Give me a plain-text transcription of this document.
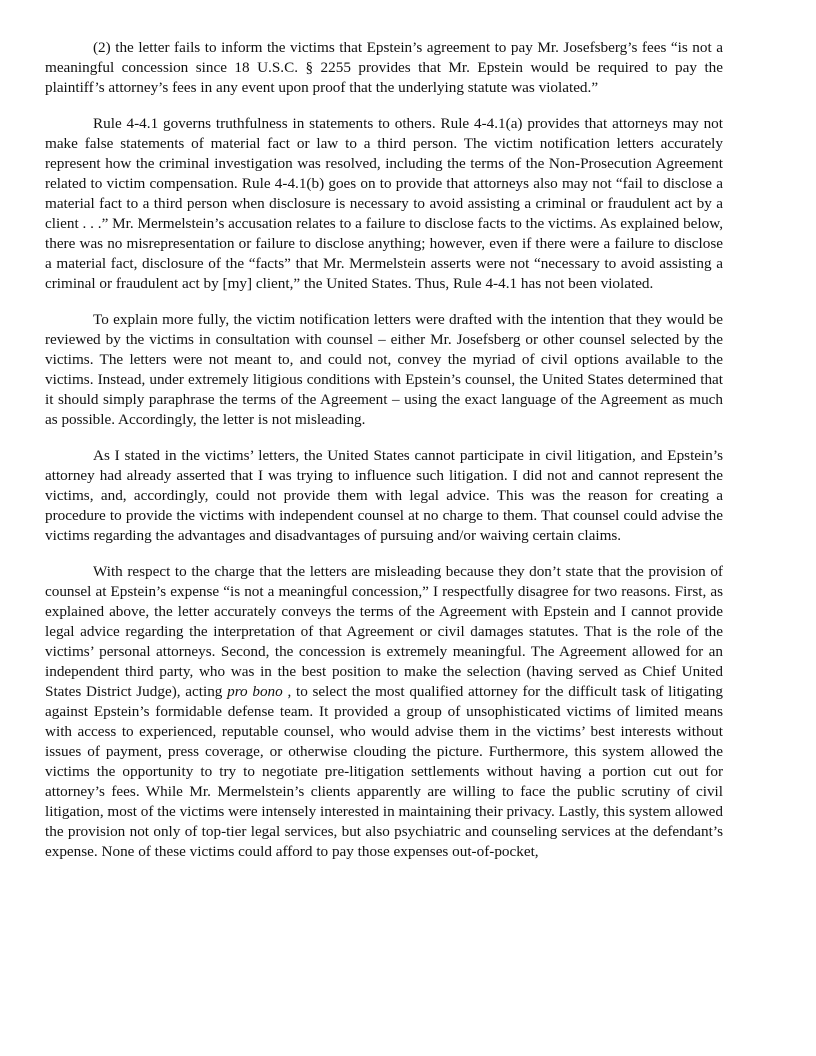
(2) the letter fails to inform the victims that Epstein’s agreement to pay Mr. Josefsberg’s fees “is not a meaningful concession since 18 U.S.C. § 2255 provides that Mr. Epstein would be required to pay the plaintiff’s attorney’s fees in any event upon proof that the underlying statute was violated.”

Rule 4-4.1 governs truthfulness in statements to others. Rule 4-4.1(a) provides that attorneys may not make false statements of material fact or law to a third person. The victim notification letters accurately represent how the criminal investigation was resolved, including the terms of the Non-Prosecution Agreement related to victim compensation. Rule 4-4.1(b) goes on to provide that attorneys also may not “fail to disclose a material fact to a third person when disclosure is necessary to avoid assisting a criminal or fraudulent act by a client . . .” Mr. Mermelstein’s accusation relates to a failure to disclose facts to the victims. As explained below, there was no misrepresentation or failure to disclose anything; however, even if there were a failure to disclose a material fact, disclosure of the “facts” that Mr. Mermelstein asserts were not “necessary to avoid assisting a criminal or fraudulent act by [my] client,” the United States. Thus, Rule 4-4.1 has not been violated.

To explain more fully, the victim notification letters were drafted with the intention that they would be reviewed by the victims in consultation with counsel – either Mr. Josefsberg or other counsel selected by the victims. The letters were not meant to, and could not, convey the myriad of civil options available to the victims. Instead, under extremely litigious conditions with Epstein’s counsel, the United States determined that it should simply paraphrase the terms of the Agreement – using the exact language of the Agreement as much as possible. Accordingly, the letter is not misleading.

As I stated in the victims’ letters, the United States cannot participate in civil litigation, and Epstein’s attorney had already asserted that I was trying to influence such litigation. I did not and cannot represent the victims, and, accordingly, could not provide them with legal advice. This was the reason for creating a procedure to provide the victims with independent counsel at no charge to them. That counsel could advise the victims regarding the advantages and disadvantages of pursuing and/or waiving certain claims.

With respect to the charge that the letters are misleading because they don’t state that the provision of counsel at Epstein’s expense “is not a meaningful concession,” I respectfully disagree for two reasons. First, as explained above, the letter accurately conveys the terms of the Agreement with Epstein and I cannot provide legal advice regarding the interpretation of that Agreement or civil damages statutes. That is the role of the victims’ personal attorneys. Second, the concession is extremely meaningful. The Agreement allowed for an independent third party, who was in the best position to make the selection (having served as Chief United States District Judge), acting pro bono , to select the most qualified attorney for the difficult task of litigating against Epstein’s formidable defense team. It provided a group of unsophisticated victims of limited means with access to experienced, reputable counsel, who would advise them in the victims’ best interests without issues of payment, press coverage, or otherwise clouding the picture. Furthermore, this system allowed the victims the opportunity to try to negotiate pre-litigation settlements without having a portion cut out for attorney’s fees. While Mr. Mermelstein’s clients apparently are willing to face the public scrutiny of civil litigation, most of the victims were intensely interested in maintaining their privacy. Lastly, this system allowed the provision not only of top-tier legal services, but also psychiatric and counseling services at the defendant’s expense. None of these victims could afford to pay those expenses out-of-pocket,
